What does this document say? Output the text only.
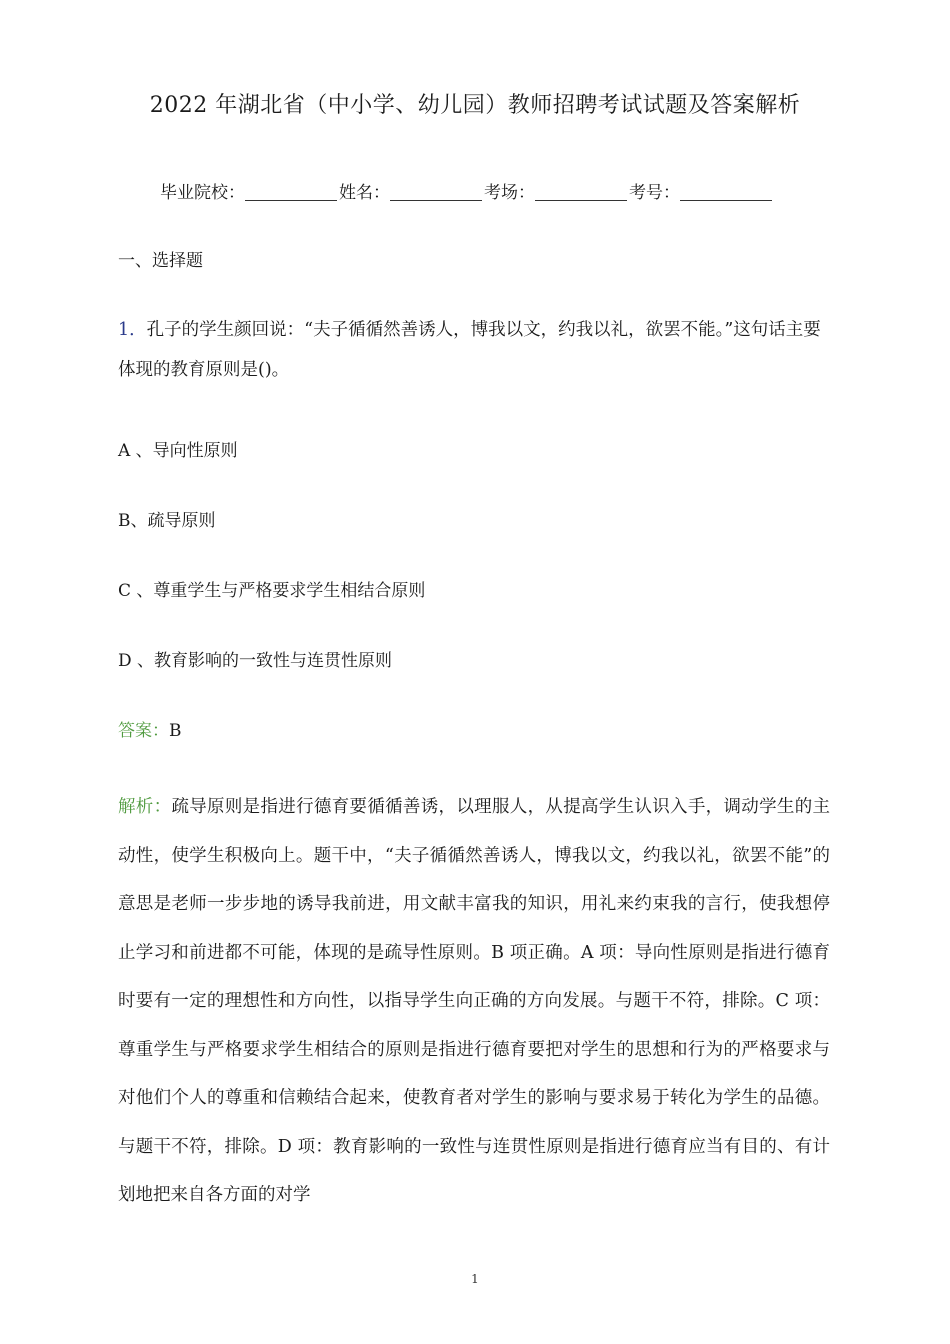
2022 年湖北省（中小学、幼儿园）教师招聘考试试题及答案解析
毕业院校：	姓名：	考场：	考号：
一、选择题
1．孔子的学生颜回说：“夫子循循然善诱人，博我以文，约我以礼，欲罢不能。”这句话主要体现的教育原则是()。
A 、导向性原则
B、疏导原则
C 、尊重学生与严格要求学生相结合原则
D 、教育影响的一致性与连贯性原则
答案：B
解析：疏导原则是指进行德育要循循善诱，以理服人，从提高学生认识入手，调动学生的主动性，使学生积极向上。题干中，“夫子循循然善诱人，博我以文，约我以礼，欲罢不能”的意思是老师一步步地的诱导我前进，用文献丰富我的知识，用礼来约束我的言行，使我想停止学习和前进都不可能，体现的是疏导性原则。B 项正确。A 项：导向性原则是指进行德育时要有一定的理想性和方向性，以指导学生向正确的方向发展。与题干不符，排除。C 项：尊重学生与严格要求学生相结合的原则是指进行德育要把对学生的思想和行为的严格要求与对他们个人的尊重和信赖结合起来，使教育者对学生的影响与要求易于转化为学生的品德。与题干不符，排除。D 项：教育影响的一致性与连贯性原则是指进行德育应当有目的、有计划地把来自各方面的对学
1
